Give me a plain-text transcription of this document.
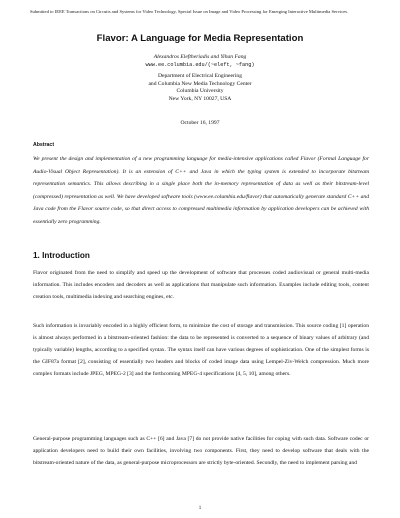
Submitted to IEEE Transactions on Circuits and Systems for Video Technology, Special Issue on Image and Video Processing for Emerging Interactive Multimedia Services.
Flavor: A Language for Media Representation
Alexandros Eleftheriadis and Yihan Fang
www.ee.columbia.edu/(~eleft, ~fang)
Department of Electrical Engineering
and Columbia New Media Technology Center
Columbia University
New York, NY 10027, USA
October 16, 1997
Abstract

We present the design and implementation of a new programming language for media-intensive applications called Flavor (Formal Language for Audio-Visual Object Representation). It is an extension of C++ and Java in which the typing system is extended to incorporate bitstream representation semantics. This allows describing in a single place both the in-memory representation of data as well as their bitstream-level (compressed) representation as well. We have developed software tools (www.ee.columbia.edu/flavor) that automatically generate standard C++ and Java code from the Flavor source code, so that direct access to compressed multimedia information by application developers can be achieved with essentially zero programming.

1. Introduction

Flavor originated from the need to simplify and speed up the development of software that processes coded audiovisual or general multi-media information. This includes encoders and decoders as well as applications that manipulate such information. Examples include editing tools, content creation tools, multimedia indexing and searching engines, etc.

Such information is invariably encoded in a highly efficient form, to minimize the cost of storage and transmission. This source coding [1] operation is almost always performed in a bitstream-oriented fashion: the data to be represented is converted to a sequence of binary values of arbitrary (and typically variable) lengths, according to a specified syntax. The syntax itself can have various degrees of sophistication. One of the simplest forms is the GIF87a format [2], consisting of essentially two headers and blocks of coded image data using Lempel-Ziv-Welch compression. Much more complex formats include JPEG, MPEG-2 [3] and the forthcoming MPEG-4 specifications [4, 5, 10], among others.

General-purpose programming languages such as C++ [6] and Java [7] do not provide native facilities for coping with such data. Software codec or application developers need to build their own facilities, involving two components. First, they need to develop software that deals with the bitstream-oriented nature of the data, as general-purpose microprocessors are strictly byte-oriented. Secondly, the need to implement parsing and

1
